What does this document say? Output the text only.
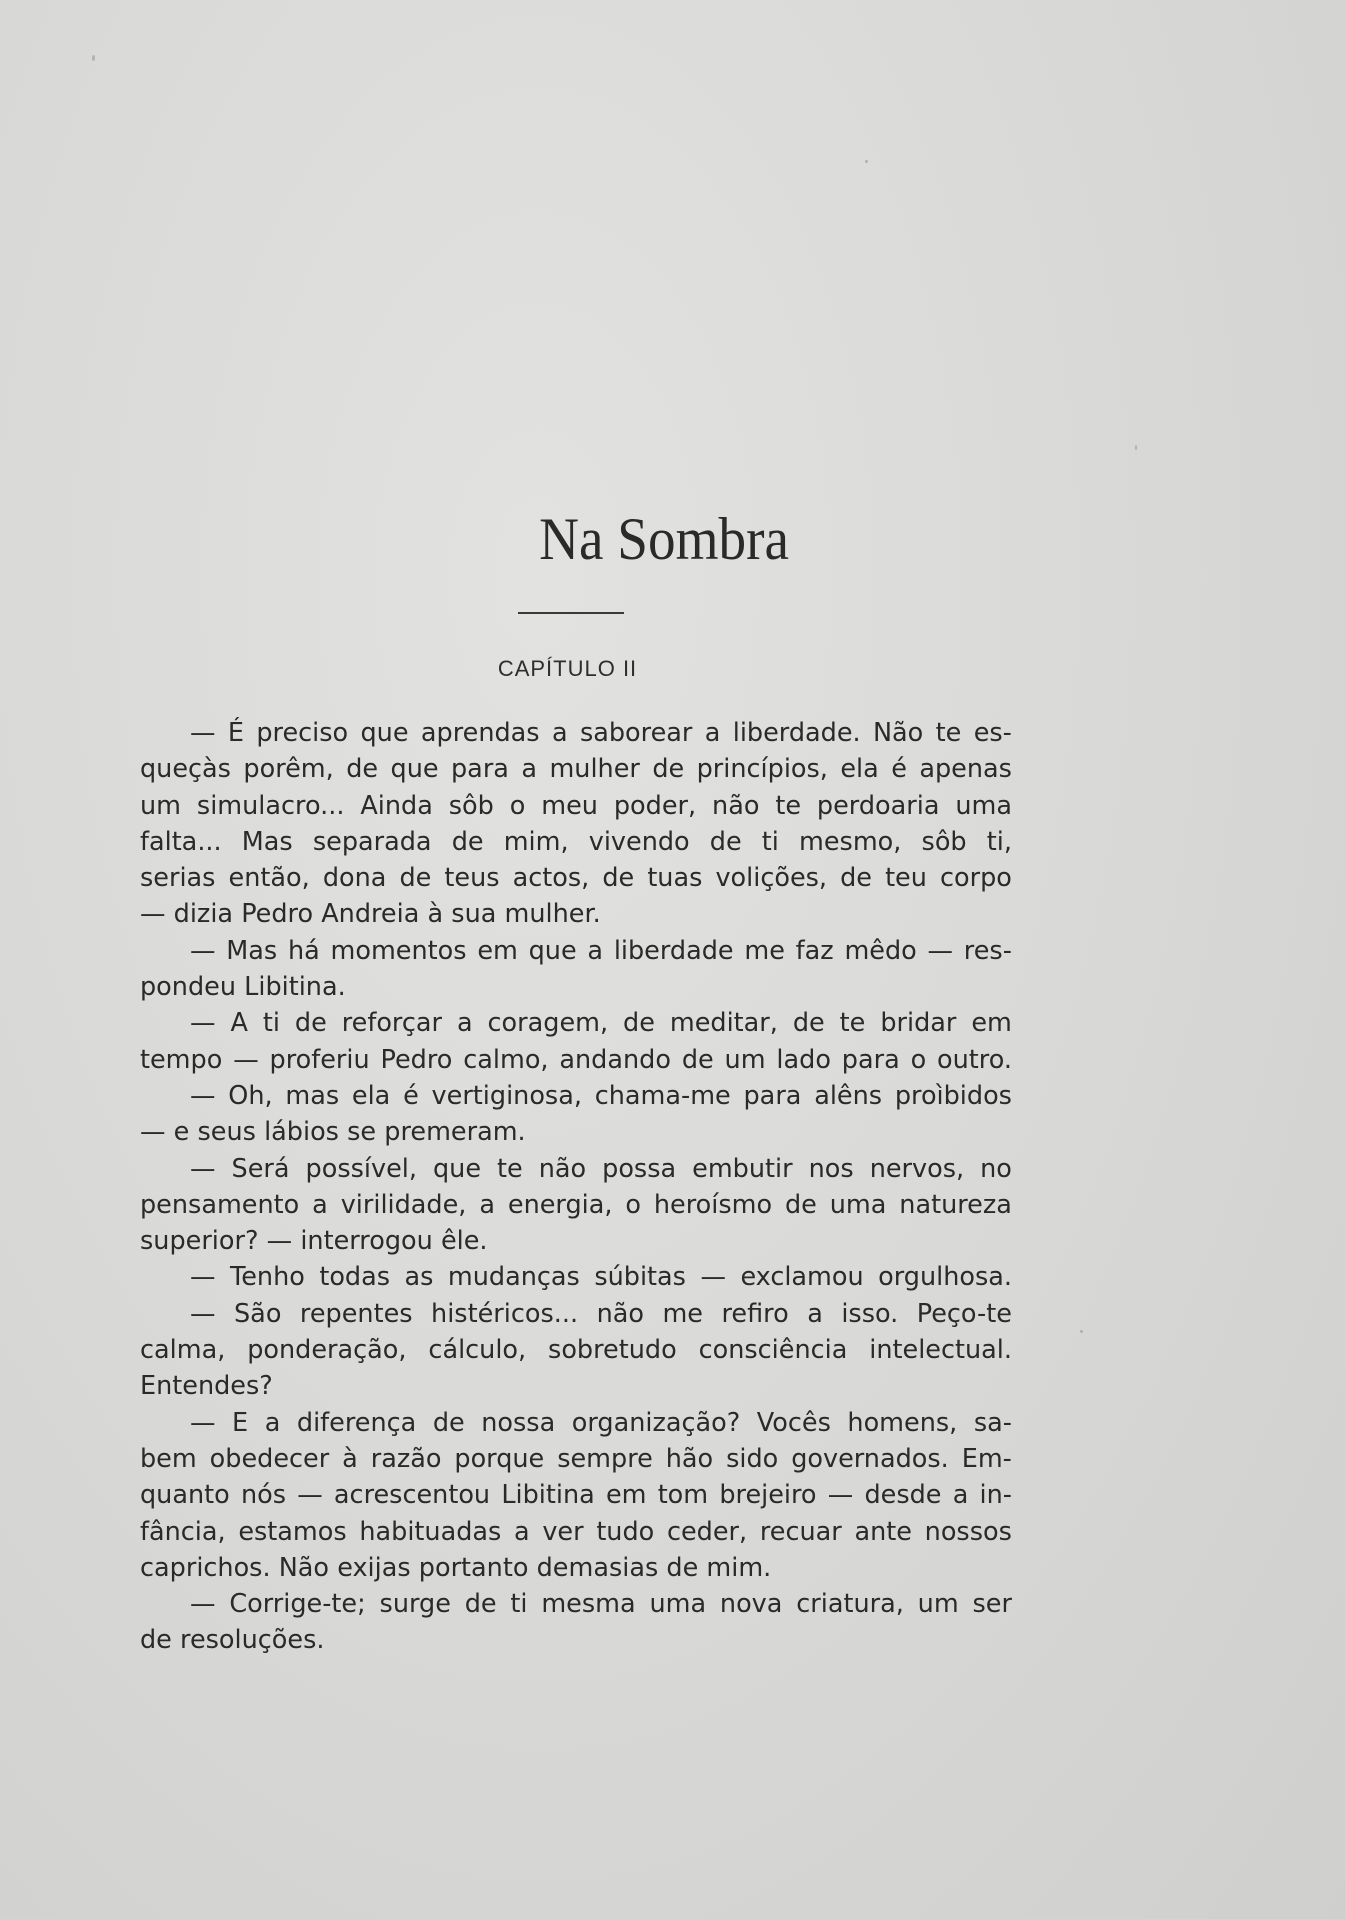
Na Sombra
CAPÍTULO II
— É preciso que aprendas a saborear a liberdade. Não te es-
queçàs porêm, de que para a mulher de princípios, ela é apenas
um simulacro... Ainda sôb o meu poder, não te perdoaria uma
falta... Mas separada de mim, vivendo de ti mesmo, sôb ti,
serias então, dona de teus actos, de tuas volições, de teu corpo
— dizia Pedro Andreia à sua mulher.
— Mas há momentos em que a liberdade me faz mêdo — res-
pondeu Libitina.
— A ti de reforçar a coragem, de meditar, de te bridar em
tempo — proferiu Pedro calmo, andando de um lado para o outro.
— Oh, mas ela é vertiginosa, chama-me para alêns proìbidos
— e seus lábios se premeram.
— Será possível, que te não possa embutir nos nervos, no
pensamento a virilidade, a energia, o heroísmo de uma natureza
superior? — interrogou êle.
— Tenho todas as mudanças súbitas — exclamou orgulhosa.
— São repentes histéricos... não me refiro a isso. Peço-te
calma, ponderação, cálculo, sobretudo consciência intelectual.
Entendes?
— E a diferença de nossa organização? Vocês homens, sa-
bem obedecer à razão porque sempre hão sido governados. Em-
quanto nós — acrescentou Libitina em tom brejeiro — desde a in-
fância, estamos habituadas a ver tudo ceder, recuar ante nossos
caprichos. Não exijas portanto demasias de mim.
— Corrige-te; surge de ti mesma uma nova criatura, um ser
de resoluções.
